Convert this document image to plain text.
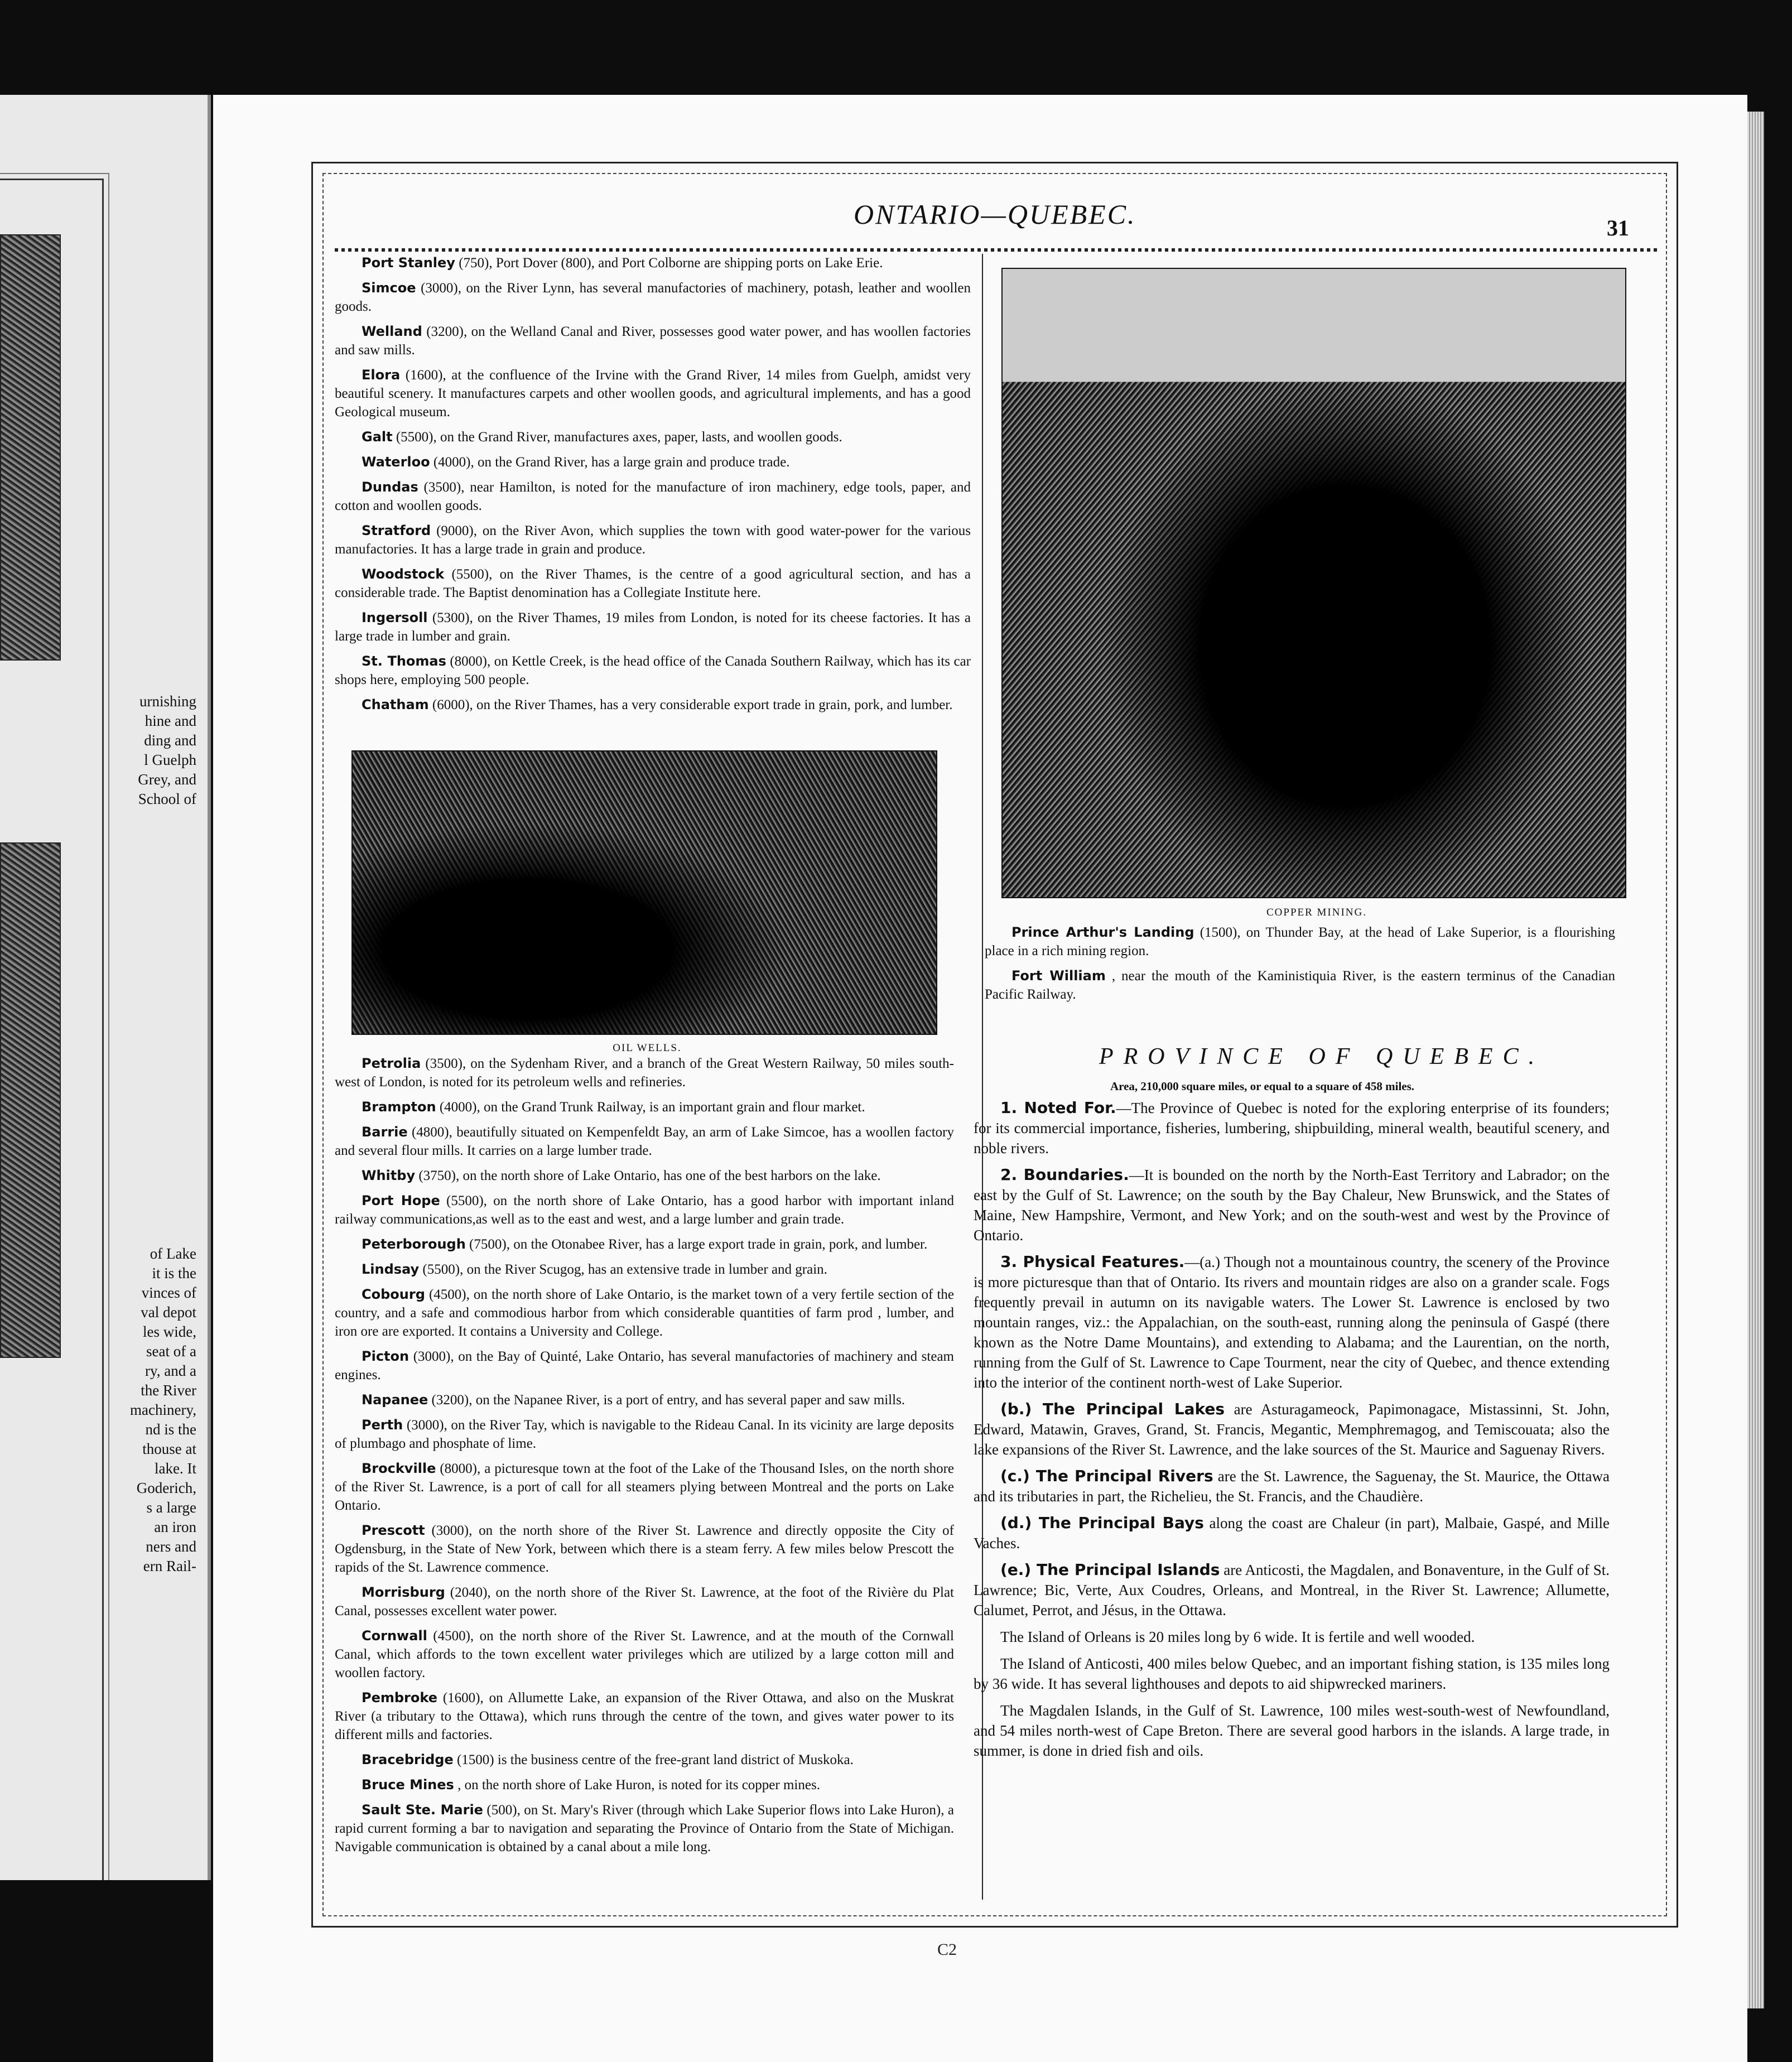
urnishing
hine and
ding and
l Guelph
Grey, and
School of
of Lake
it is the
vinces of
val depot
les wide,
seat of a
ry, and a
the River
machinery,
nd is the
thouse at
lake. It
Goderich,
s a large
an iron
ners and
ern Rail-
ONTARIO—QUEBEC.	31

Port Stanley (750), Port Dover (800), and Port Colborne are shipping ports on Lake Erie.

Simcoe (3000), on the River Lynn, has several manufactories of machinery, potash, leather and woollen goods.

Welland (3200), on the Welland Canal and River, possesses good water power, and has woollen factories and saw mills.

Elora (1600), at the confluence of the Irvine with the Grand River, 14 miles from Guelph, amidst very beautiful scenery. It manufactures carpets and other woollen goods, and agricultural implements, and has a good Geological museum.

Galt (5500), on the Grand River, manufactures axes, paper, lasts, and woollen goods.

Waterloo (4000), on the Grand River, has a large grain and produce trade.

Dundas (3500), near Hamilton, is noted for the manufacture of iron machinery, edge tools, paper, and cotton and woollen goods.

Stratford (9000), on the River Avon, which supplies the town with good water-power for the various manufactories. It has a large trade in grain and produce.

Woodstock (5500), on the River Thames, is the centre of a good agricultural section, and has a considerable trade. The Baptist denomination has a Collegiate Institute here.

Ingersoll (5300), on the River Thames, 19 miles from London, is noted for its cheese factories. It has a large trade in lumber and grain.

St. Thomas (8000), on Kettle Creek, is the head office of the Canada Southern Railway, which has its car shops here, employing 500 people.

Chatham (6000), on the River Thames, has a very considerable export trade in grain, pork, and lumber.

OIL WELLS.

Petrolia (3500), on the Sydenham River, and a branch of the Great Western Railway, 50 miles south-west of London, is noted for its petroleum wells and refineries.

Brampton (4000), on the Grand Trunk Railway, is an important grain and flour market.

Barrie (4800), beautifully situated on Kempenfeldt Bay, an arm of Lake Simcoe, has a woollen factory and several flour mills. It carries on a large lumber trade.

Whitby (3750), on the north shore of Lake Ontario, has one of the best harbors on the lake.

Port Hope (5500), on the north shore of Lake Ontario, has a good harbor with important inland railway communications,as well as to the east and west, and a large lumber and grain trade.

Peterborough (7500), on the Otonabee River, has a large export trade in grain, pork, and lumber.

Lindsay (5500), on the River Scugog, has an extensive trade in lumber and grain.

Cobourg (4500), on the north shore of Lake Ontario, is the market town of a very fertile section of the country, and a safe and commodious harbor from which considerable quantities of farm prod , lumber, and iron ore are exported. It contains a University and College.

Picton (3000), on the Bay of Quinté, Lake Ontario, has several manufactories of machinery and steam engines.

Napanee (3200), on the Napanee River, is a port of entry, and has several paper and saw mills.

Perth (3000), on the River Tay, which is navigable to the Rideau Canal. In its vicinity are large deposits of plumbago and phosphate of lime.

Brockville (8000), a picturesque town at the foot of the Lake of the Thousand Isles, on the north shore of the River St. Lawrence, is a port of call for all steamers plying between Montreal and the ports on Lake Ontario.

Prescott (3000), on the north shore of the River St. Lawrence and directly opposite the City of Ogdensburg, in the State of New York, between which there is a steam ferry. A few miles below Prescott the rapids of the St. Lawrence commence.

Morrisburg (2040), on the north shore of the River St. Lawrence, at the foot of the Rivière du Plat Canal, possesses excellent water power.

Cornwall (4500), on the north shore of the River St. Lawrence, and at the mouth of the Cornwall Canal, which affords to the town excellent water privileges which are utilized by a large cotton mill and woollen factory.

Pembroke (1600), on Allumette Lake, an expansion of the River Ottawa, and also on the Muskrat River (a tributary to the Ottawa), which runs through the centre of the town, and gives water power to its different mills and factories.

Bracebridge (1500) is the business centre of the free-grant land district of Muskoka.

Bruce Mines , on the north shore of Lake Huron, is noted for its copper mines.

Sault Ste. Marie (500), on St. Mary's River (through which Lake Superior flows into Lake Huron), a rapid current forming a bar to navigation and separating the Province of Ontario from the State of Michigan. Navigable communication is obtained by a canal about a mile long.

COPPER MINING.

Prince Arthur's Landing (1500), on Thunder Bay, at the head of Lake Superior, is a flourishing place in a rich mining region.

Fort William , near the mouth of the Kaministiquia River, is the eastern terminus of the Canadian Pacific Railway.

PROVINCE OF QUEBEC.
Area, 210,000 square miles, or equal to a square of 458 miles.

1. Noted For.—The Province of Quebec is noted for the exploring enterprise of its founders; for its commercial importance, fisheries, lumbering, shipbuilding, mineral wealth, beautiful scenery, and noble rivers.

2. Boundaries.—It is bounded on the north by the North-East Territory and Labrador; on the east by the Gulf of St. Lawrence; on the south by the Bay Chaleur, New Brunswick, and the States of Maine, New Hampshire, Vermont, and New York; and on the south-west and west by the Province of Ontario.

3. Physical Features.—(a.) Though not a mountainous country, the scenery of the Province is more picturesque than that of Ontario. Its rivers and mountain ridges are also on a grander scale. Fogs frequently prevail in autumn on its navigable waters. The Lower St. Lawrence is enclosed by two mountain ranges, viz.: the Appalachian, on the south-east, running along the peninsula of Gaspé (there known as the Notre Dame Mountains), and extending to Alabama; and the Laurentian, on the north, running from the Gulf of St. Lawrence to Cape Tourment, near the city of Quebec, and thence extending into the interior of the continent north-west of Lake Superior.

(b.) The Principal Lakes are Asturagameock, Papimonagace, Mistassinni, St. John, Edward, Matawin, Graves, Grand, St. Francis, Megantic, Memphremagog, and Temiscouata; also the lake expansions of the River St. Lawrence, and the lake sources of the St. Maurice and Saguenay Rivers.

(c.) The Principal Rivers are the St. Lawrence, the Saguenay, the St. Maurice, the Ottawa and its tributaries in part, the Richelieu, the St. Francis, and the Chaudière.

(d.) The Principal Bays along the coast are Chaleur (in part), Malbaie, Gaspé, and Mille Vaches.

(e.) The Principal Islands are Anticosti, the Magdalen, and Bonaventure, in the Gulf of St. Lawrence; Bic, Verte, Aux Coudres, Orleans, and Montreal, in the River St. Lawrence; Allumette, Calumet, Perrot, and Jésus, in the Ottawa.

The Island of Orleans is 20 miles long by 6 wide. It is fertile and well wooded.

The Island of Anticosti, 400 miles below Quebec, and an important fishing station, is 135 miles long by 36 wide. It has several lighthouses and depots to aid shipwrecked mariners.

The Magdalen Islands, in the Gulf of St. Lawrence, 100 miles west-south-west of Newfoundland, and 54 miles north-west of Cape Breton. There are several good harbors in the islands. A large trade, in summer, is done in dried fish and oils.

C2
